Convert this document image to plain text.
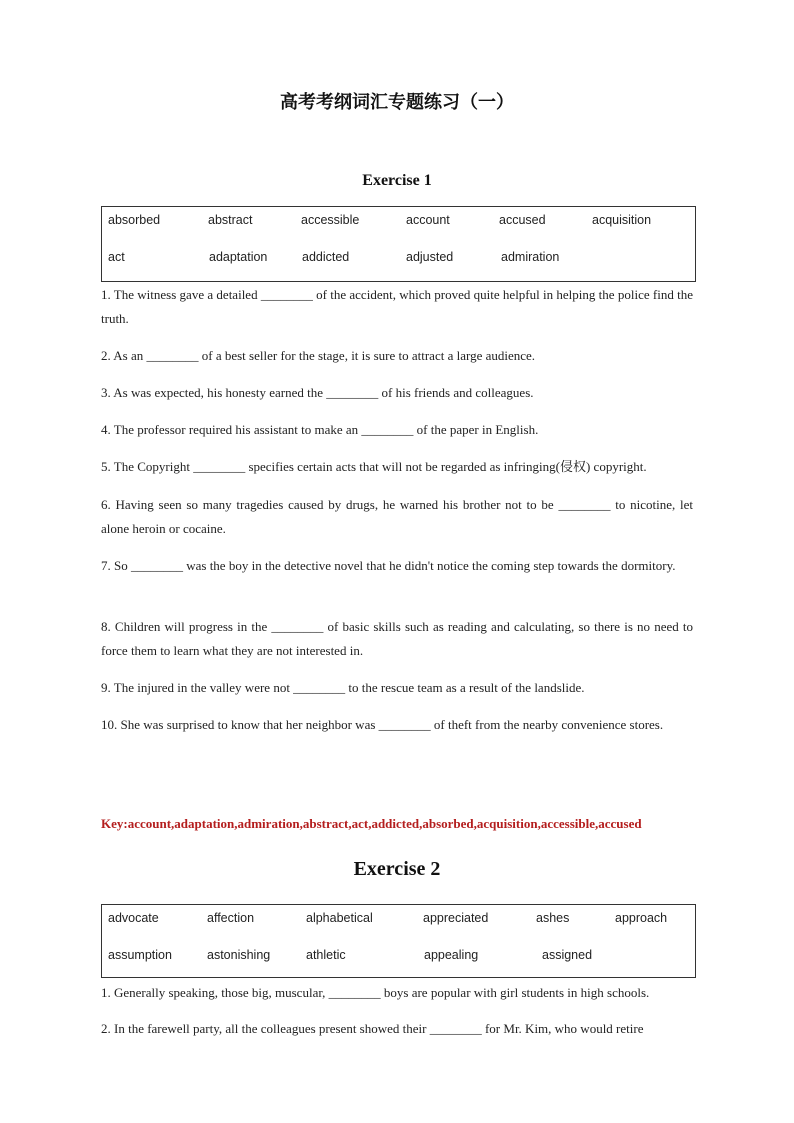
高考考纲词汇专题练习（一）
Exercise 1
absorbed	abstract	accessible	account	accused	acquisition
act	adaptation	addicted	adjusted	admiration
1. The witness gave a detailed ________ of the accident, which proved quite helpful in helping the police find the truth.
2. As an ________ of a best seller for the stage, it is sure to attract a large audience.
3. As was expected, his honesty earned the ________ of his friends and colleagues.
4. The professor required his assistant to make an ________ of the paper in English.
5. The Copyright ________ specifies certain acts that will not be regarded as infringing(侵权) copyright.
6. Having seen so many tragedies caused by drugs, he warned his brother not to be ________ to nicotine, let alone heroin or cocaine.
7. So ________ was the boy in the detective novel that he didn't notice the coming step towards the dormitory.
8. Children will progress in the ________ of basic skills such as reading and calculating, so there is no need to force them to learn what they are not interested in.
9. The injured in the valley were not ________ to the rescue team as a result of the landslide.
10. She was surprised to know that her neighbor was ________ of theft from the nearby convenience stores.
Key:account,adaptation,admiration,abstract,act,addicted,absorbed,acquisition,accessible,accused
Exercise 2
advocate	affection	alphabetical	appreciated	ashes	approach
assumption	astonishing	athletic	appealing	assigned
1. Generally speaking, those big, muscular, ________ boys are popular with girl students in high schools.
2. In the farewell party, all the colleagues present showed their ________ for Mr. Kim, who would retire
